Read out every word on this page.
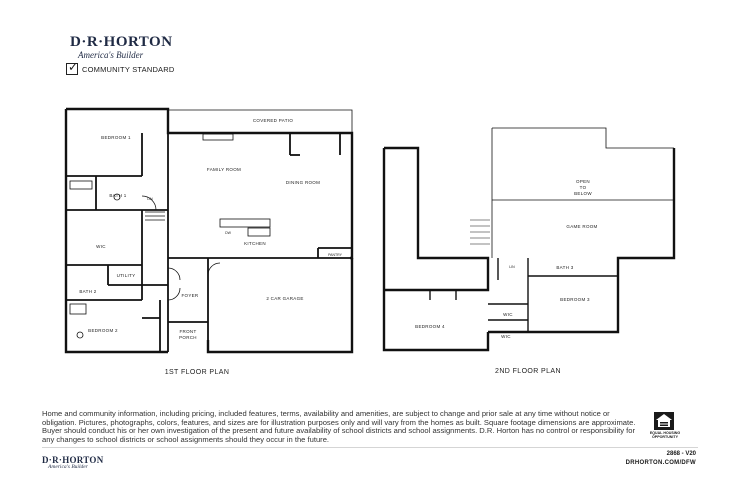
D·R·HORTON
America's Builder
✓ COMMUNITY STANDARD
COVERED PATIO
BEDROOM 1
FAMILY ROOM
DINING ROOM
BATH 1
LIN
DW
KITCHEN
WIC
UTILITY
PANTRY
BATH 2
FOYER
2 CAR GARAGE
BEDROOM 2	FRONT
PORCH
1ST FLOOR PLAN
OPEN
TO
BELOW
GAME ROOM
BATH 3
LIN
BEDROOM 3
BEDROOM 4
WIC
WIC
2ND FLOOR PLAN
Home and community information, including pricing, included features, terms, availability and amenities, are subject to change and prior sale at any time without notice or obligation. Pictures, photographs, colors, features, and sizes are for illustration purposes only and will vary from the homes as built. Square footage dimensions are approximate. Buyer should conduct his or her own investigation of the present and future availability of school districts and school assignments. D.R. Horton has no control or responsibility for any changes to school districts or school assignments should they occur in the future.
EQUAL HOUSING OPPORTUNITY
D·R·HORTON
America's Builder
2868 - V20
DRHORTON.COM/DFW
